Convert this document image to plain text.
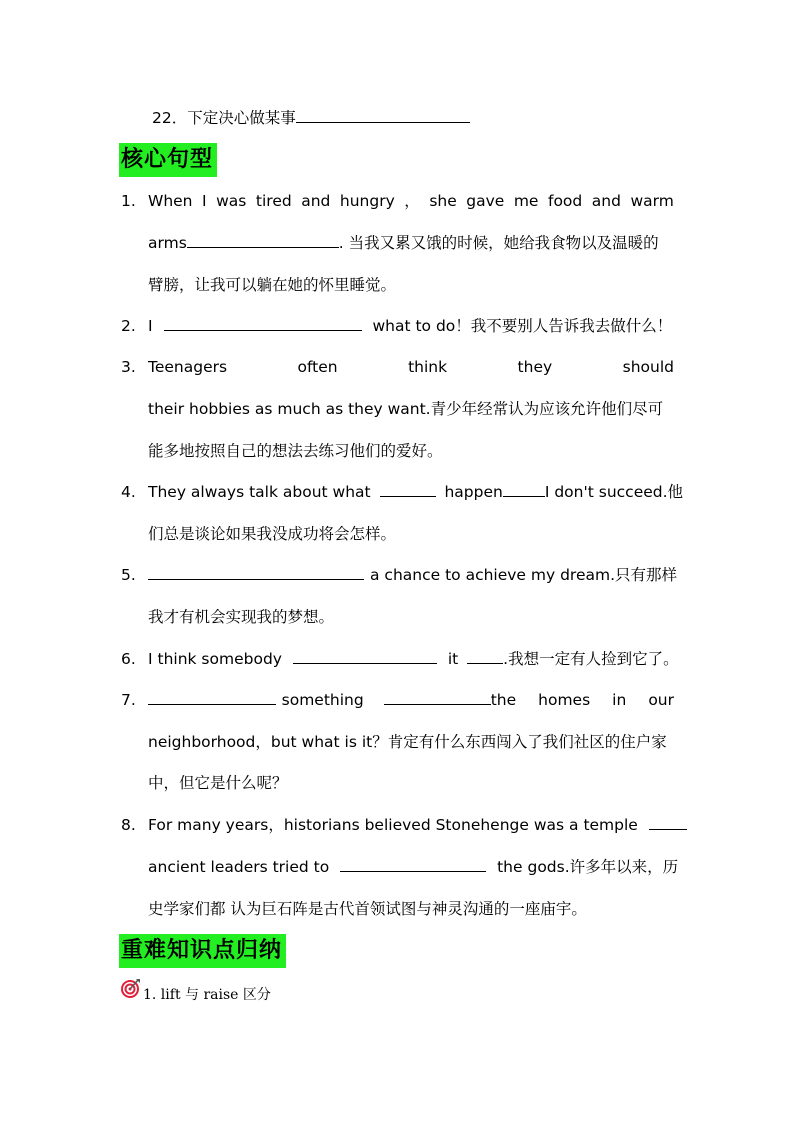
22．下定决心做某事
核心句型
1. When I was tired and hungry ， she gave me food and warm
arms	. 当我又累又饿的时候，她给我食物以及温暖的
臂膀，让我可以躺在她的怀里睡觉。
2. I	what to do！我不要别人告诉我去做什么！
3. Teenagers	often	think	they	should
their hobbies as much as they want.青少年经常认为应该允许他们尽可
能多地按照自己的想法去练习他们的爱好。
4. They always talk about what	happen	I don't succeed.他
们总是谈论如果我没成功将会怎样。
5.	a chance to achieve my dream.只有那样
我才有机会实现我的梦想。
6. I think somebody	it	.我想一定有人捡到它了。
7.	something	the homes in our
neighborhood，but what is it？肯定有什么东西闯入了我们社区的住户家
中，但它是什么呢？
8. For many years，historians believed Stonehenge was a temple
ancient leaders tried to	the gods.许多年以来，历
史学家们都 认为巨石阵是古代首领试图与神灵沟通的一座庙宇。
重难知识点归纳
1. lift 与 raise 区分
